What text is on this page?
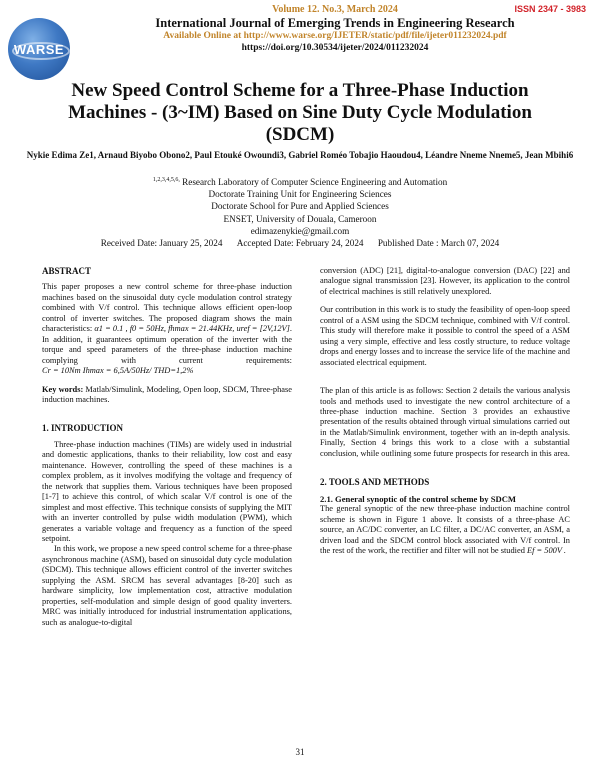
ISSN 2347 - 3983
WARSE
Volume 12. No.3, March 2024
International Journal of Emerging Trends in Engineering Research
Available Online at http://www.warse.org/IJETER/static/pdf/file/ijeter011232024.pdf
https://doi.org/10.30534/ijeter/2024/011232024
New Speed Control Scheme for a Three-Phase Induction Machines - (3~IM) Based on Sine Duty Cycle Modulation (SDCM)
Nykie Edima Ze1, Arnaud Biyobo Obono2, Paul Etouké Owoundi3, Gabriel Roméo Tobajio Haoudou4, Léandre Nneme Nneme5, Jean Mbihi6
$^{1,2,3,4,5,6,}$ Research Laboratory of Computer Science Engineering and Automation
Doctorate Training Unit for Engineering Sciences
Doctorate School for Pure and Applied Sciences
ENSET, University of Douala, Cameroon
edimazenykie@gmail.com
Received Date: January 25, 2024 Accepted Date: February 24, 2024 Published Date : March 07, 2024
ABSTRACT

This paper proposes a new control scheme for three-phase induction machines based on the sinusoidal duty cycle modulation control strategy combined with V/f control. This technique allows efficient open-loop control of inverter switches. The proposed diagram shows the main characteristics: α1 = 0.1 , f0 = 50Hz, fhmax = 21.44KHz, uref = [2V,12V]. In addition, it guarantees optimum operation of the inverter with the torque and speed parameters of the three-phase induction machine complying with current requirements: Cr = 10Nm Ihmax = 6,5A/50Hz/ THD=1,2%

Key words: Matlab/Simulink, Modeling, Open loop, SDCM, Three-phase induction machines.

1. INTRODUCTION

Three-phase induction machines (TIMs) are widely used in industrial and domestic applications, thanks to their reliability, low cost and easy maintenance. However, controlling the speed of these machines is a complex problem, as it involves modifying the voltage and frequency of the network that supplies them. Various techniques have been proposed [1-7] to achieve this control, of which scalar V/f control is one of the simplest and most effective. This technique consists of supplying the MIT with an inverter controlled by pulse width modulation (PWM), which generates a variable voltage and frequency as a function of the speed setpoint.

In this work, we propose a new speed control scheme for a three-phase asynchronous machine (ASM), based on sinusoidal duty cycle modulation (SDCM). This technique allows efficient control of the inverter switches supplying the ASM. SRCM has several advantages [8-20] such as hardware simplicity, low implementation cost, attractive modulation properties, self-modulation and simple design of good quality inverters. MRC was initially introduced for industrial instrumentation applications, such as analogue-to-digital

conversion (ADC) [21], digital-to-analogue conversion (DAC) [22] and analogue signal transmission [23]. However, its application to the control of electrical machines is still relatively unexplored.

Our contribution in this work is to study the feasibility of open-loop speed control of a ASM using the SDCM technique, combined with V/f control. This study will therefore make it possible to control the speed of a ASM using a very simple, effective and less costly structure, to reduce voltage drops and energy losses and to increase the service life of the machine and associated electrical equipment.

The plan of this article is as follows: Section 2 details the various analysis tools and methods used to investigate the new control architecture of a three-phase induction machine. Section 3 provides an exhaustive presentation of the results obtained through virtual simulations carried out in the Matlab/Simulink environment, together with an in-depth analysis. Finally, Section 4 brings this work to a close with a substantial conclusion, while outlining some future prospects for research in this area.

2. TOOLS AND METHODS
2.1. General synoptic of the control scheme by SDCM

The general synoptic of the new three-phase induction machine control scheme is shown in Figure 1 above. It consists of a three-phase AC source, an AC/DC converter, an LC filter, a DC/AC converter, an ASM, a driven load and the SDCM control block associated with V/f control. In the rest of the work, the rectifier and filter will not be studied Ef = 500V .

31
